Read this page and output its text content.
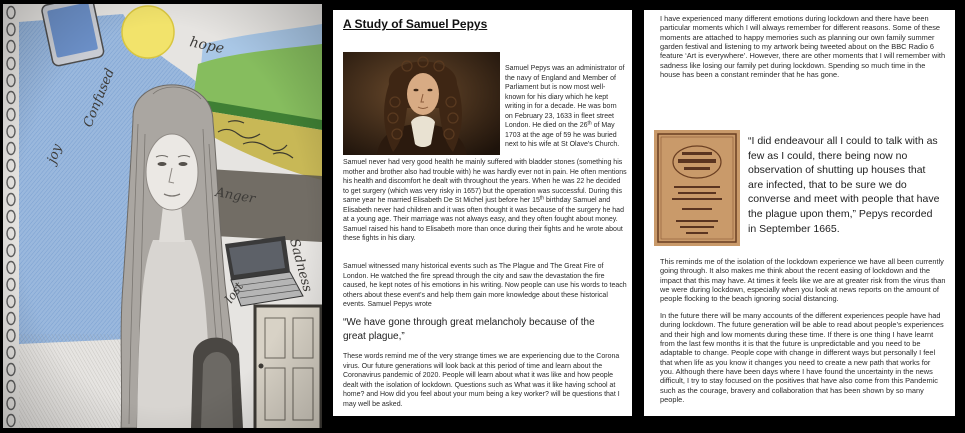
A Study of Samuel Pepys

Samuel Pepys was an administrator of the navy of England and Member of Parliament but is now most well-known for his diary which he kept writing in for a decade. He was born on February 23, 1633 in fleet street London. He died on the 26th of May 1703 at the age of 59 he was buried next to his wife at St Olave’s Church.

Samuel never had very good health he mainly suffered with bladder stones (something his mother and brother also had trouble with) he was hardly ever not in pain. He often mentions his health and discomfort he dealt with throughout the years. When he was 22 he decided to get surgery (which was very risky in 1657) but the operation was successful. During this same year he married Elisabeth De St Michel just before her 15th birthday Samuel and Elisabeth never had children and it was often thought it was because of the surgery he had at a young age. Their marriage was not always easy, and they often fought about money. Samuel raised his hand to Elisabeth more than once during their fights and he wrote about these fights in his diary.

Samuel witnessed many historical events such as The Plague and The Great Fire of London. He watched the fire spread through the city and saw the devastation the fire caused, he kept notes of his emotions in his writing. Now people can use his words to teach others about these event’s and help them gain more knowledge about these historical events. Samuel Pepys wrote

“We have gone through great melancholy because of the great plague,”

These words remind me of the very strange times we are experiencing due to the Corona virus. Our future generations will look back at this period of time and learn about the Coronavirus pandemic of 2020. People will learn about what it was like and how people dealt with the isolation of lockdown. Questions such as What was it like having school at home? and How did you feel about your mum being a key worker? will be questions that I may well be asked.

I have experienced many different emotions during lockdown and there have been particular moments which I will always remember for different reasons. Some of these moments are attached to happy memories such as planning our own family summer garden festival and listening to my artwork being tweeted about on the BBC Radio 6 feature ‘Art is everywhere’. However, there are other moments that I will remember with sadness like losing our family pet during lockdown. Spending so much time in the house has been a constant reminder that he has gone.

“I did endeavour all I could to talk with as few as I could, there being now no observation of shutting up houses that are infected, that to be sure we do converse and meet with people that have the plague upon them,” Pepys recorded in September 1665.

This reminds me of the isolation of the lockdown experience we have all been currently going through. It also makes me think about the recent easing of lockdown and the impact that this may have. At times it feels like we are at greater risk from the virus than we were during lockdown, especially when you look at news reports on the amount of people flocking to the beach ignoring social distancing.

In the future there will be many accounts of the different experiences people have had during lockdown. The future generation will be able to read about people’s experiences and their high and low moments during these time. If there is one thing I have learnt from the last few months it is that the future is unpredictable and you need to be adaptable to change. People cope with change in different ways but personally I feel that when life as you know it changes you need to create a new path that works for you. Although there have been days where I have found the uncertainty in the news difficult, I try to stay focused on the positives that have also come from this Pandemic such as the courage, bravery and collaboration that has been shown by so many people.
